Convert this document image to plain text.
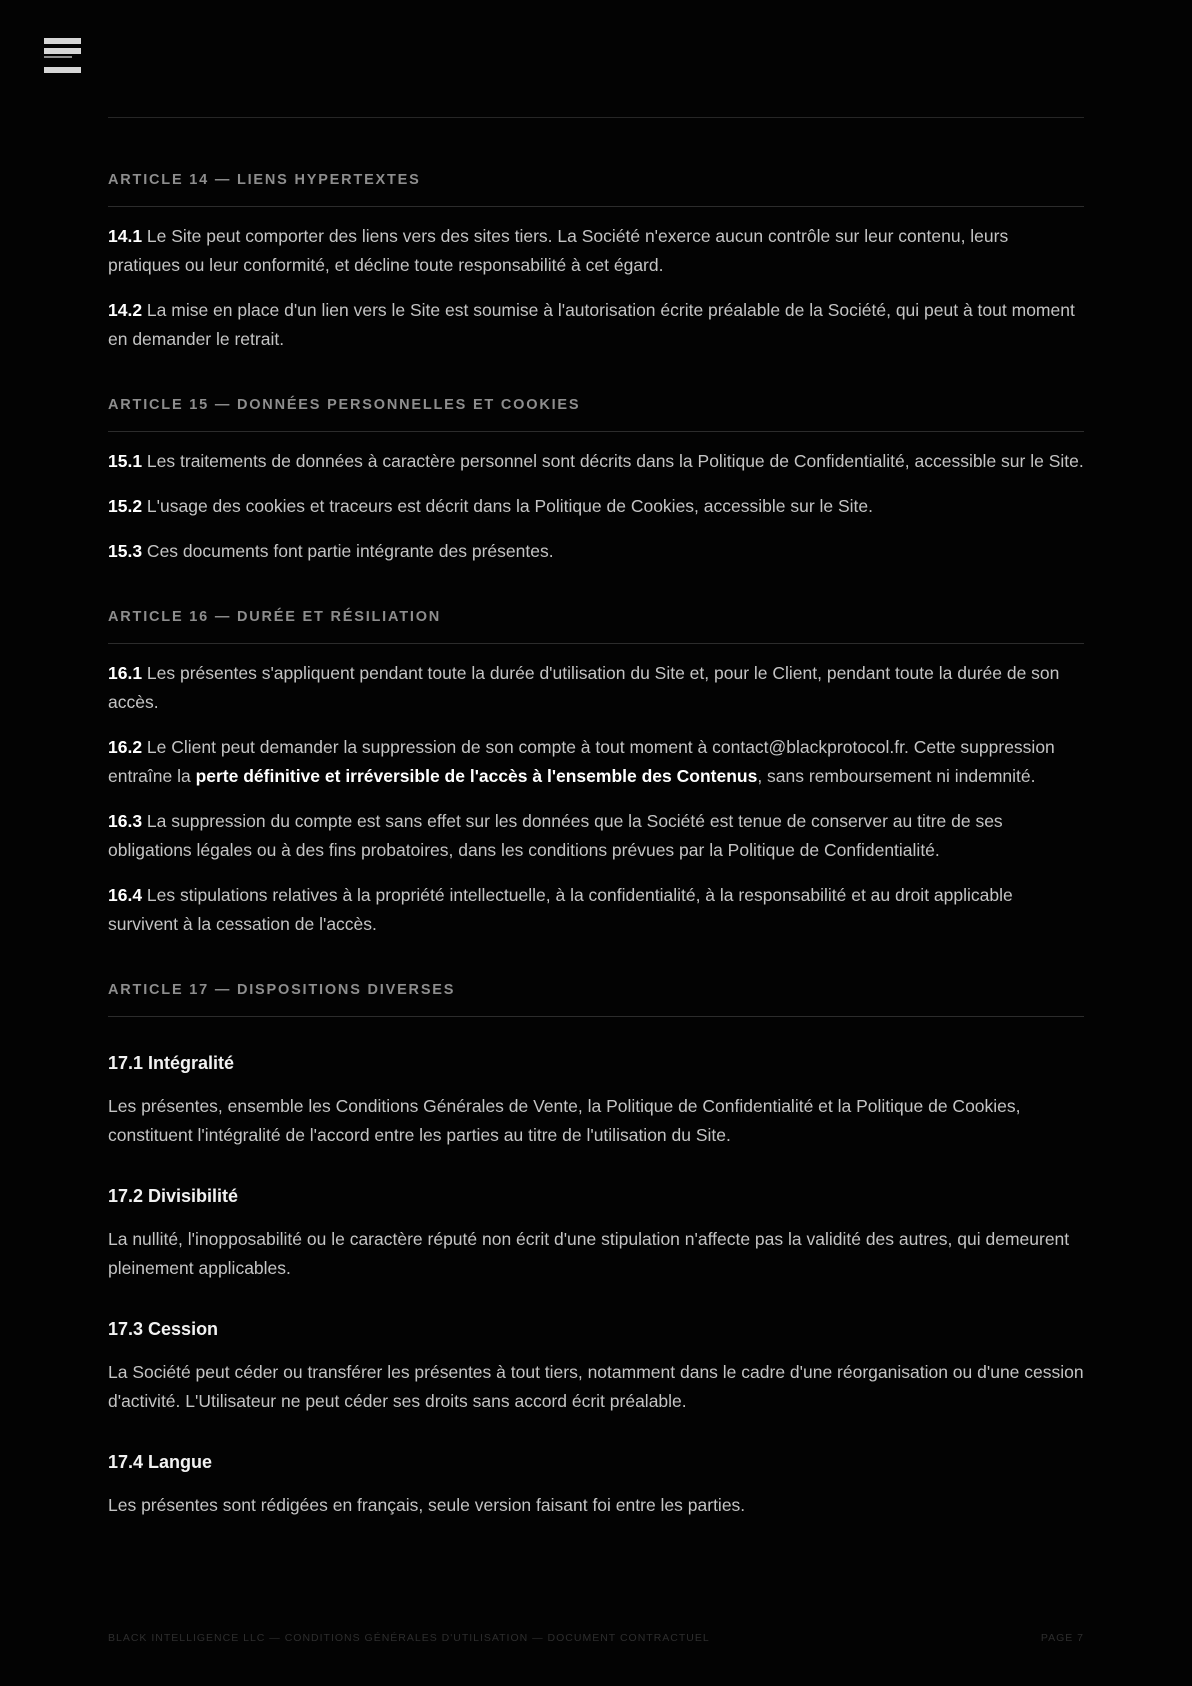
ARTICLE 14 — LIENS HYPERTEXTES

14.1 Le Site peut comporter des liens vers des sites tiers. La Société n'exerce aucun contrôle sur leur contenu, leurs pratiques ou leur conformité, et décline toute responsabilité à cet égard.

14.2 La mise en place d'un lien vers le Site est soumise à l'autorisation écrite préalable de la Société, qui peut à tout moment en demander le retrait.

ARTICLE 15 — DONNÉES PERSONNELLES ET COOKIES

15.1 Les traitements de données à caractère personnel sont décrits dans la Politique de Confidentialité, accessible sur le Site.

15.2 L'usage des cookies et traceurs est décrit dans la Politique de Cookies, accessible sur le Site.

15.3 Ces documents font partie intégrante des présentes.

ARTICLE 16 — DURÉE ET RÉSILIATION

16.1 Les présentes s'appliquent pendant toute la durée d'utilisation du Site et, pour le Client, pendant toute la durée de son accès.

16.2 Le Client peut demander la suppression de son compte à tout moment à contact@blackprotocol.fr. Cette suppression entraîne la perte définitive et irréversible de l'accès à l'ensemble des Contenus, sans remboursement ni indemnité.

16.3 La suppression du compte est sans effet sur les données que la Société est tenue de conserver au titre de ses obligations légales ou à des fins probatoires, dans les conditions prévues par la Politique de Confidentialité.

16.4 Les stipulations relatives à la propriété intellectuelle, à la confidentialité, à la responsabilité et au droit applicable survivent à la cessation de l'accès.

ARTICLE 17 — DISPOSITIONS DIVERSES
17.1 Intégralité

Les présentes, ensemble les Conditions Générales de Vente, la Politique de Confidentialité et la Politique de Cookies, constituent l'intégralité de l'accord entre les parties au titre de l'utilisation du Site.

17.2 Divisibilité

La nullité, l'inopposabilité ou le caractère réputé non écrit d'une stipulation n'affecte pas la validité des autres, qui demeurent pleinement applicables.

17.3 Cession

La Société peut céder ou transférer les présentes à tout tiers, notamment dans le cadre d'une réorganisation ou d'une cession d'activité. L'Utilisateur ne peut céder ses droits sans accord écrit préalable.

17.4 Langue

Les présentes sont rédigées en français, seule version faisant foi entre les parties.

BLACK INTELLIGENCE LLC — CONDITIONS GÉNÉRALES D'UTILISATION — DOCUMENT CONTRACTUEL	PAGE 7
